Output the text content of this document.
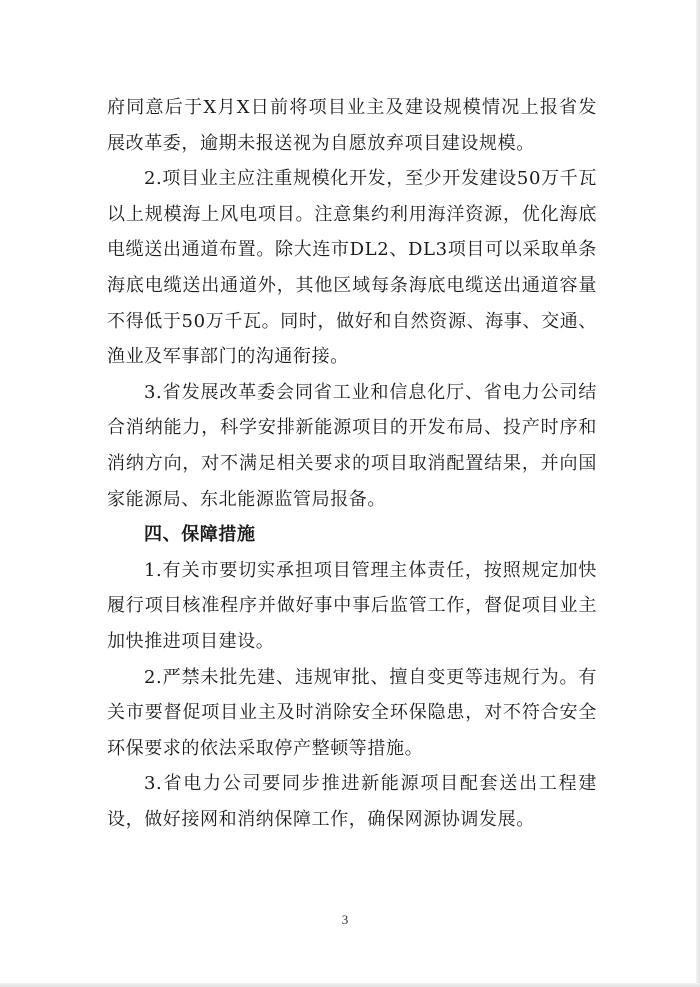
府同意后于X月X日前将项目业主及建设规模情况上报省发展改革委，逾期未报送视为自愿放弃项目建设规模。

2.项目业主应注重规模化开发，至少开发建设50万千瓦以上规模海上风电项目。注意集约利用海洋资源，优化海底电缆送出通道布置。除大连市DL2、DL3项目可以采取单条海底电缆送出通道外，其他区域每条海底电缆送出通道容量不得低于50万千瓦。同时，做好和自然资源、海事、交通、渔业及军事部门的沟通衔接。

3.省发展改革委会同省工业和信息化厅、省电力公司结合消纳能力，科学安排新能源项目的开发布局、投产时序和消纳方向，对不满足相关要求的项目取消配置结果，并向国家能源局、东北能源监管局报备。

四、保障措施

1.有关市要切实承担项目管理主体责任，按照规定加快履行项目核准程序并做好事中事后监管工作，督促项目业主加快推进项目建设。

2.严禁未批先建、违规审批、擅自变更等违规行为。有关市要督促项目业主及时消除安全环保隐患，对不符合安全环保要求的依法采取停产整顿等措施。

3.省电力公司要同步推进新能源项目配套送出工程建设，做好接网和消纳保障工作，确保网源协调发展。

3
